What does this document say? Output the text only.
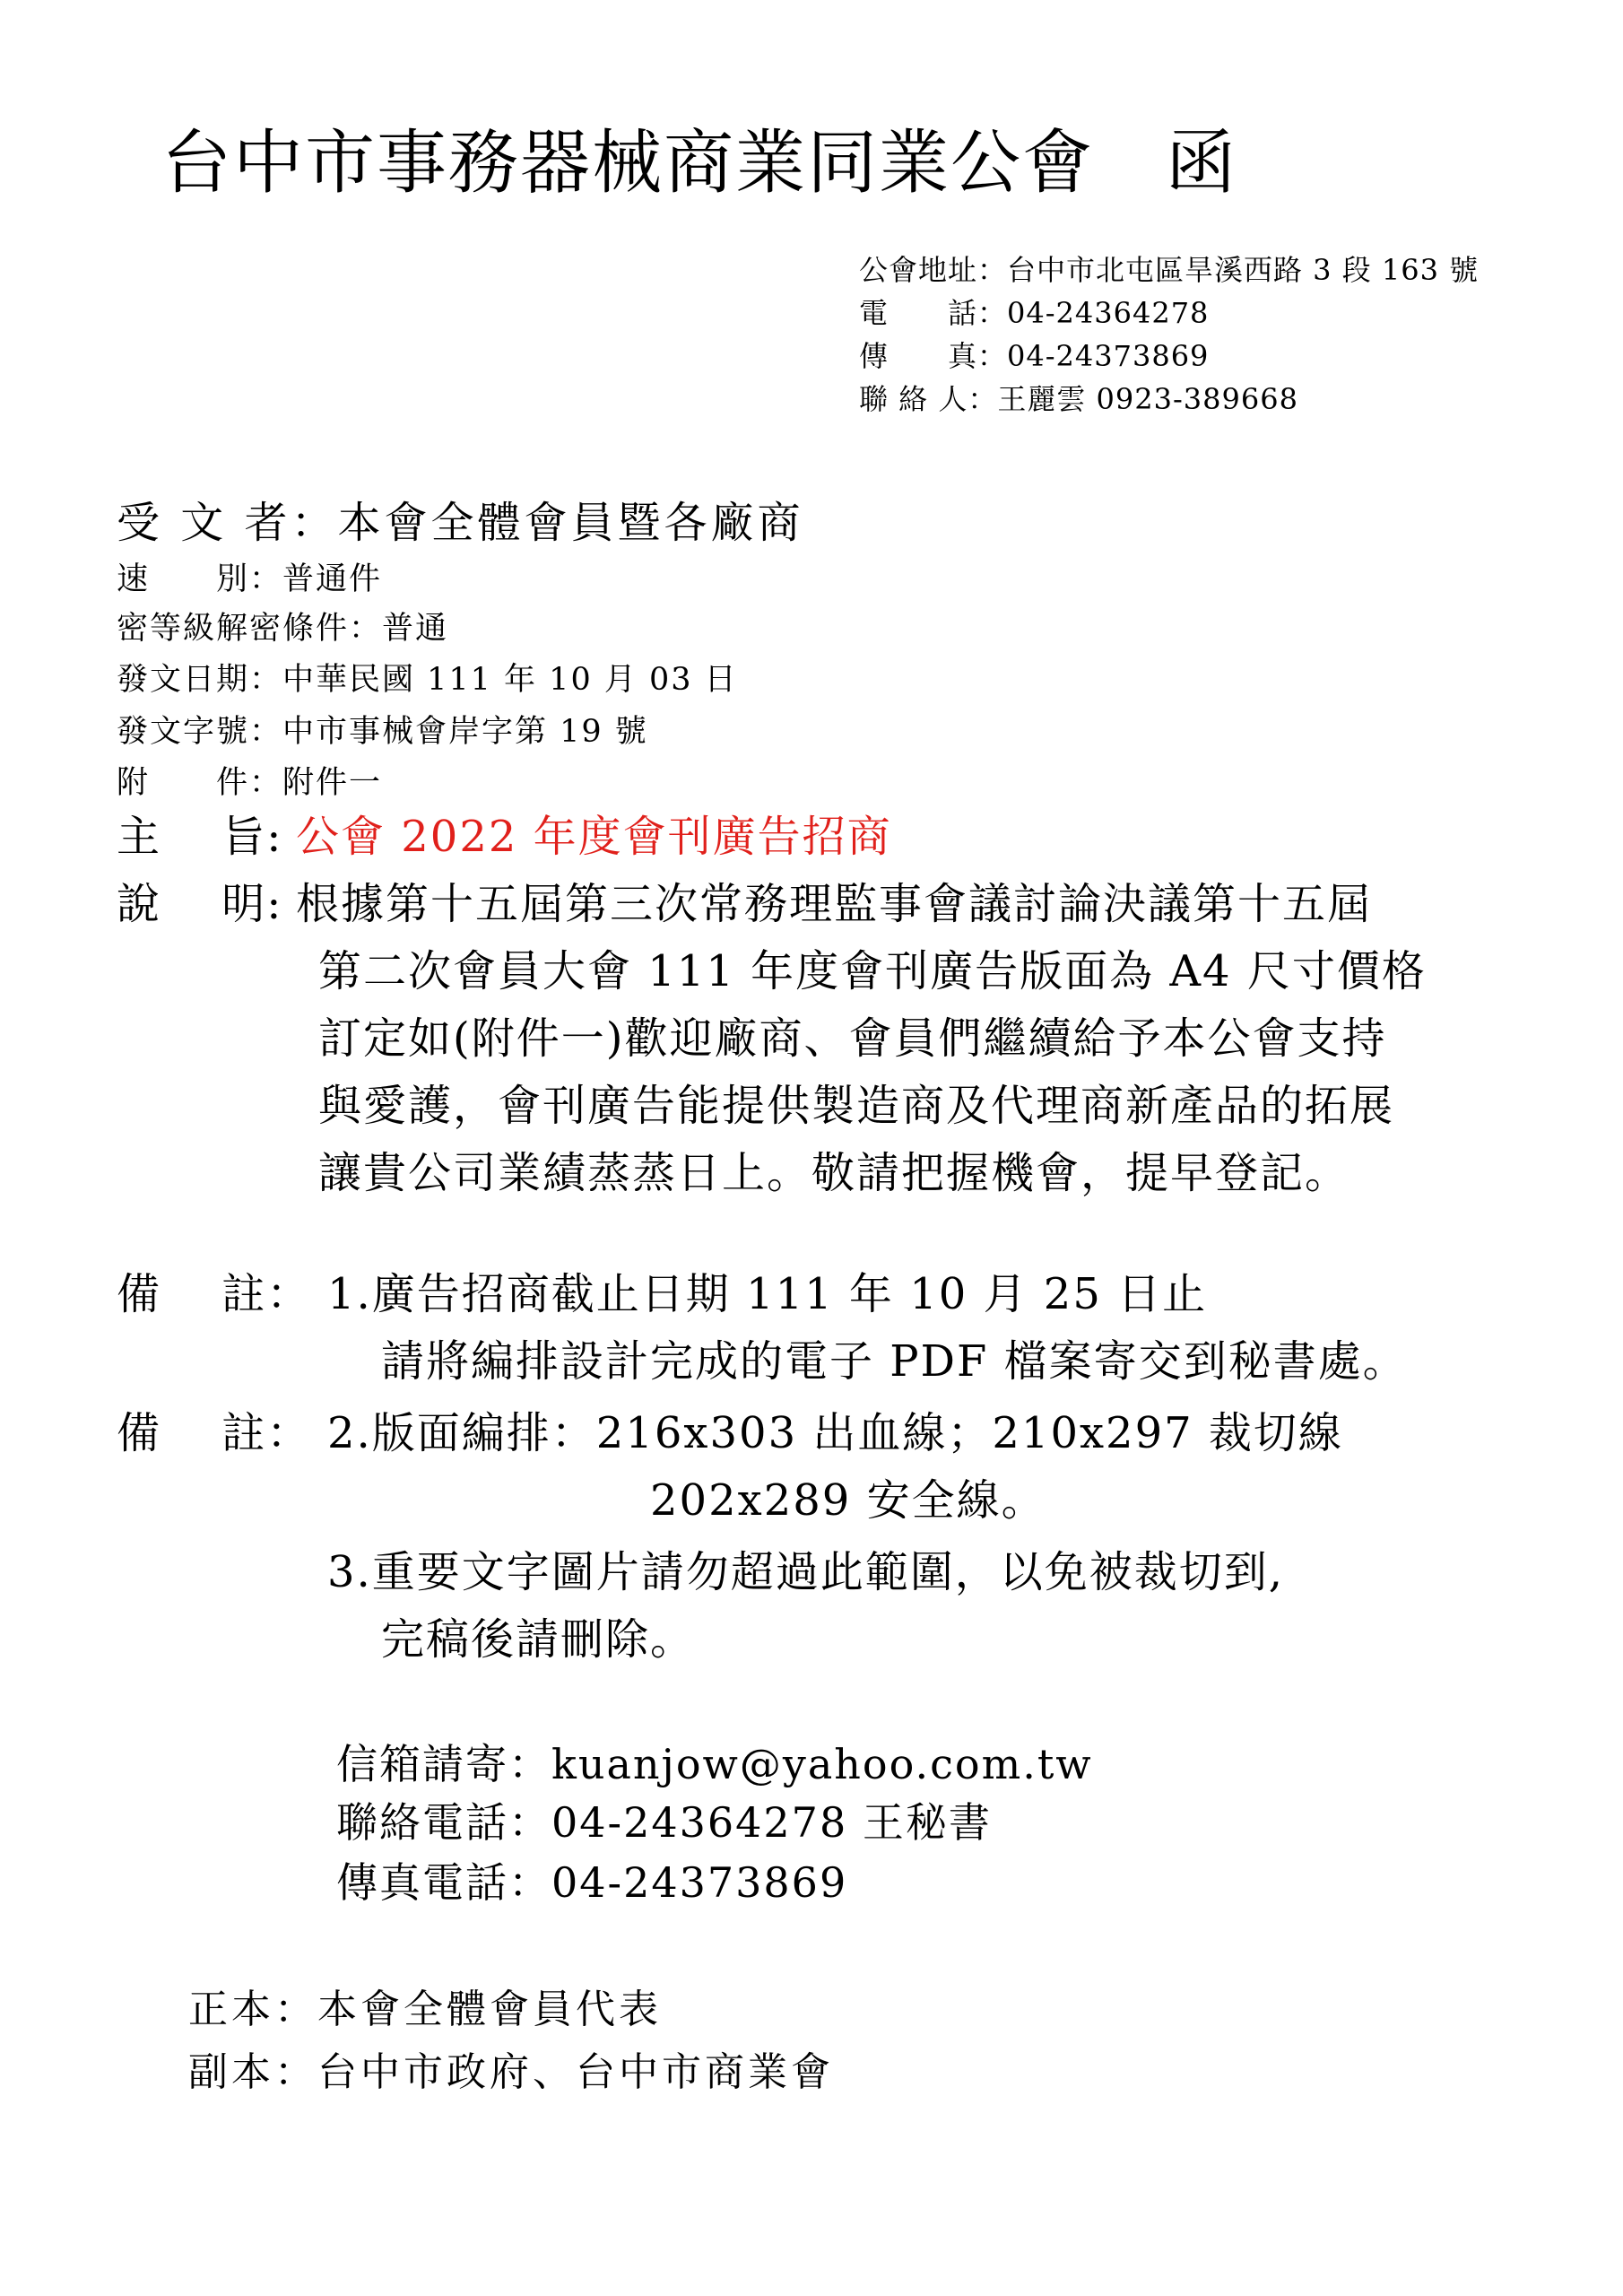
台中市事務器械商業同業公會　函
公會地址：台中市北屯區旱溪西路 3 段 163 號
電　　話：04-24364278
傳　　真：04-24373869
聯 絡 人：王麗雲 0923-389668
受 文 者：本會全體會員暨各廠商
速　　別：普通件
密等級解密條件：普通
發文日期：中華民國 111 年 10 月 03 日
發文字號：中市事械會岸字第 19 號
附　　件：附件一
主　 旨: 公會 2022 年度會刊廣告招商
說　 明: 根據第十五屆第三次常務理監事會議討論決議第十五屆
第二次會員大會 111 年度會刊廣告版面為 A4 尺寸價格
訂定如(附件一)歡迎廠商、會員們繼續給予本公會支持
與愛護，會刊廣告能提供製造商及代理商新產品的拓展
讓貴公司業績蒸蒸日上。敬請把握機會，提早登記。
備　 註： 1.廣告招商截止日期 111 年 10 月 25 日止
請將編排設計完成的電子 PDF 檔案寄交到秘書處。
備　 註： 2.版面編排：216x303 出血線；210x297 裁切線
202x289 安全線。
3.重要文字圖片請勿超過此範圍，以免被裁切到,
完稿後請刪除。
信箱請寄：kuanjow@yahoo.com.tw
聯絡電話：04-24364278 王秘書
傳真電話：04-24373869
正本：本會全體會員代表
副本：台中市政府、台中市商業會
